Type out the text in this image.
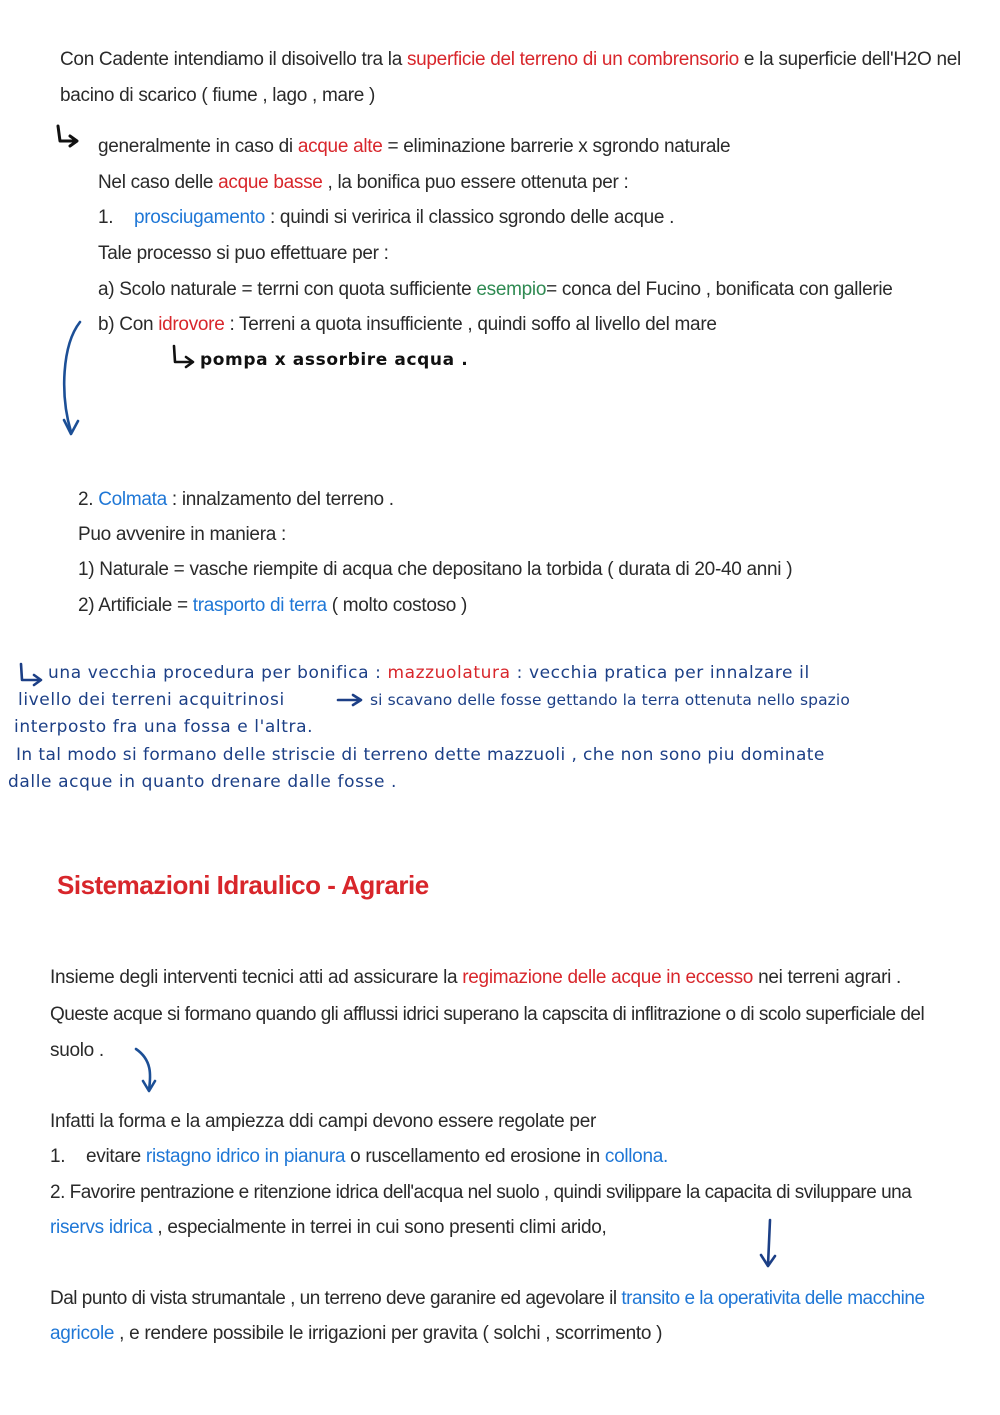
Con Cadente intendiamo il disoivello tra la superficie del terreno di un combrensorio e la superficie dell'H2O nel
bacino di scarico ( fiume , lago , mare )
generalmente in caso di acque alte = eliminazione barrerie x sgrondo naturale
Nel caso delle acque basse , la bonifica puo essere ottenuta per :
1. prosciugamento : quindi si veririca il classico sgrondo delle acque .
Tale processo si puo effettuare per :
a) Scolo naturale = terrni con quota sufficiente esempio= conca del Fucino , bonificata con gallerie
b) Con idrovore : Terreni a quota insufficiente , quindi soffo al livello del mare
pompa x assorbire acqua .
2. Colmata : innalzamento del terreno .
Puo avvenire in maniera :
1) Naturale = vasche riempite di acqua che depositano la torbida ( durata di 20-40 anni )
2) Artificiale = trasporto di terra ( molto costoso )
una vecchia procedura per bonifica : mazzuolatura : vecchia pratica per innalzare il
livello dei terreni acquitrinosi	si scavano delle fosse gettando la terra ottenuta nello spazio
interposto fra una fossa e l'altra.
In tal modo si formano delle striscie di terreno dette mazzuoli , che non sono piu dominate
dalle acque in quanto drenare dalle fosse .
Sistemazioni Idraulico - Agrarie
Insieme degli interventi tecnici atti ad assicurare la regimazione delle acque in eccesso nei terreni agrari .
Queste acque si formano quando gli afflussi idrici superano la capscita di inflitrazione o di scolo superficiale del
suolo .
Infatti la forma e la ampiezza ddi campi devono essere regolate per
1. evitare ristagno idrico in pianura o ruscellamento ed erosione in collona.
2. Favorire pentrazione e ritenzione idrica dell'acqua nel suolo , quindi svilippare la capacita di sviluppare una
riservs idrica , especialmente in terrei in cui sono presenti climi arido,
Dal punto di vista strumantale , un terreno deve garanire ed agevolare il transito e la operativita delle macchine
agricole , e rendere possibile le irrigazioni per gravita ( solchi , scorrimento )
